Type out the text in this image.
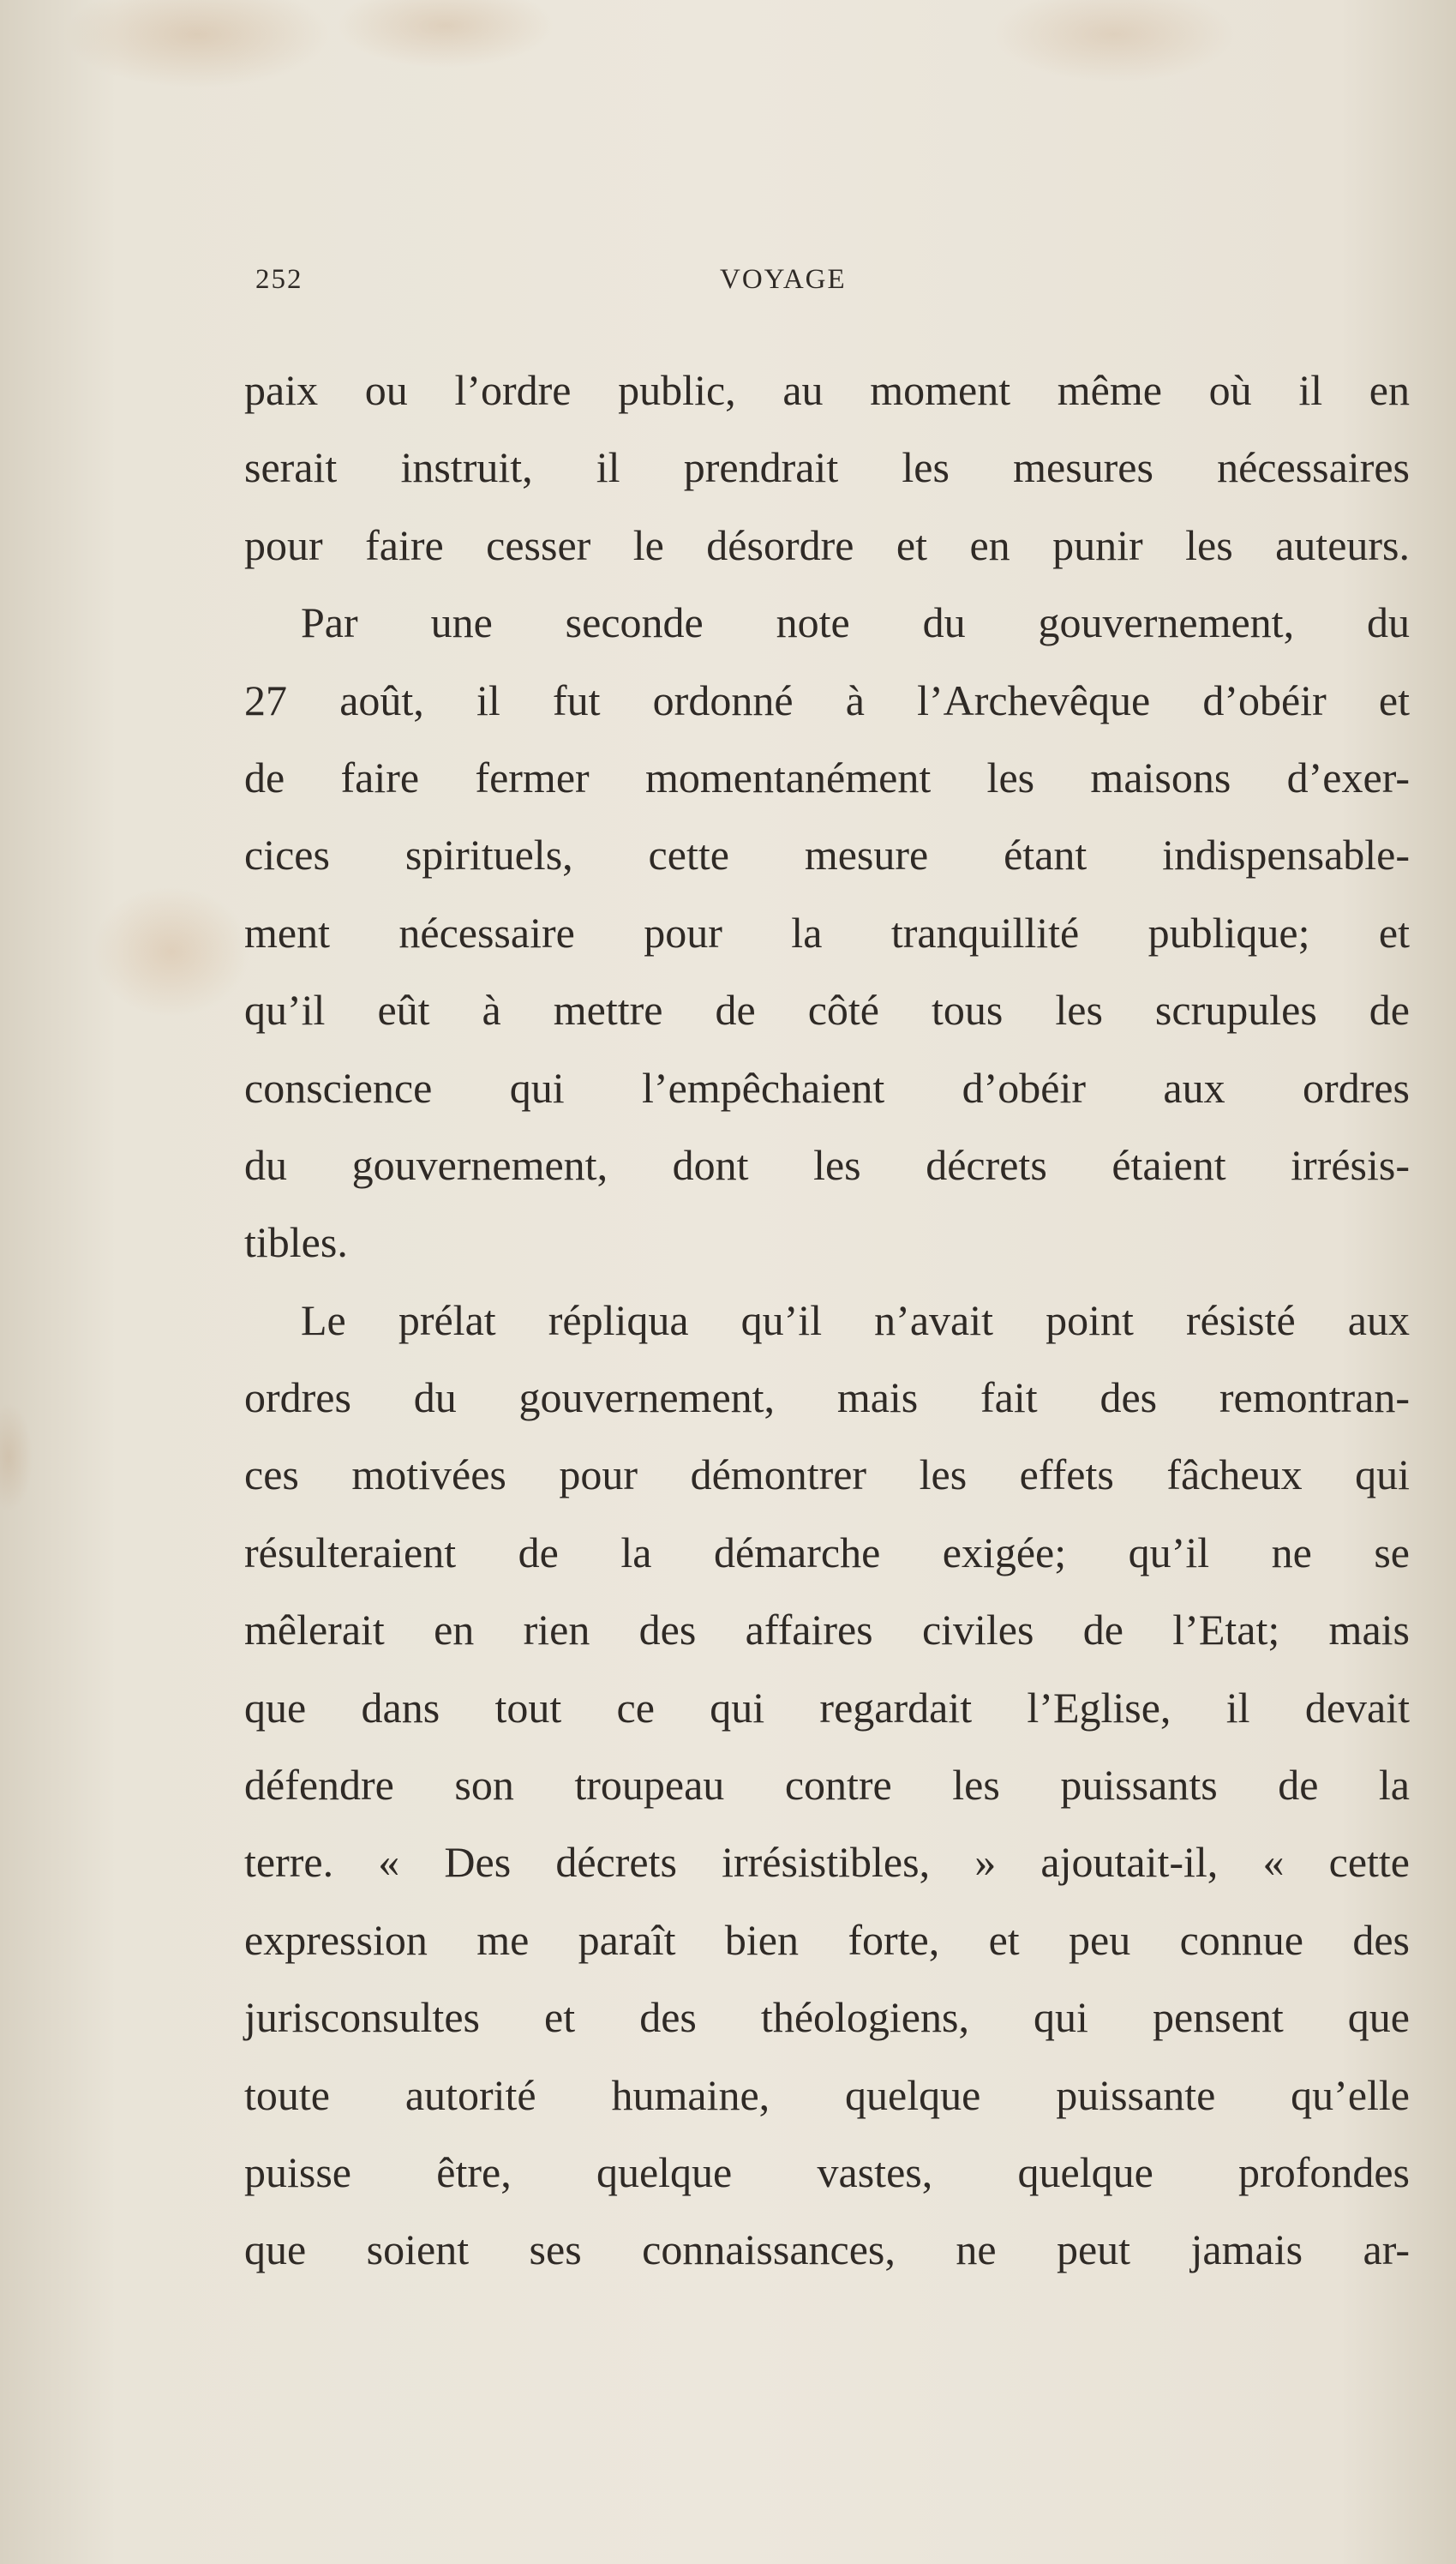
252	VOYAGE
paix ou l’ordre public, au moment même où il en
serait instruit, il prendrait les mesures nécessaires
pour faire cesser le désordre et en punir les auteurs.
Par une seconde note du gouvernement, du
27 août, il fut ordonné à l’Archevêque d’obéir et
de faire fermer momentanément les maisons d’exer-
cices spirituels, cette mesure étant indispensable-
ment nécessaire pour la tranquillité publique; et
qu’il eût à mettre de côté tous les scrupules de
conscience qui l’empêchaient d’obéir aux ordres
du gouvernement, dont les décrets étaient irrésis-
tibles.
Le prélat répliqua qu’il n’avait point résisté aux
ordres du gouvernement, mais fait des remontran-
ces motivées pour démontrer les effets fâcheux qui
résulteraient de la démarche exigée; qu’il ne se
mêlerait en rien des affaires civiles de l’Etat; mais
que dans tout ce qui regardait l’Eglise, il devait
défendre son troupeau contre les puissants de la
terre. « Des décrets irrésistibles, » ajoutait-il, « cette
expression me paraît bien forte, et peu connue des
jurisconsultes et des théologiens, qui pensent que
toute autorité humaine, quelque puissante qu’elle
puisse être, quelque vastes, quelque profondes
que soient ses connaissances, ne peut jamais ar-
